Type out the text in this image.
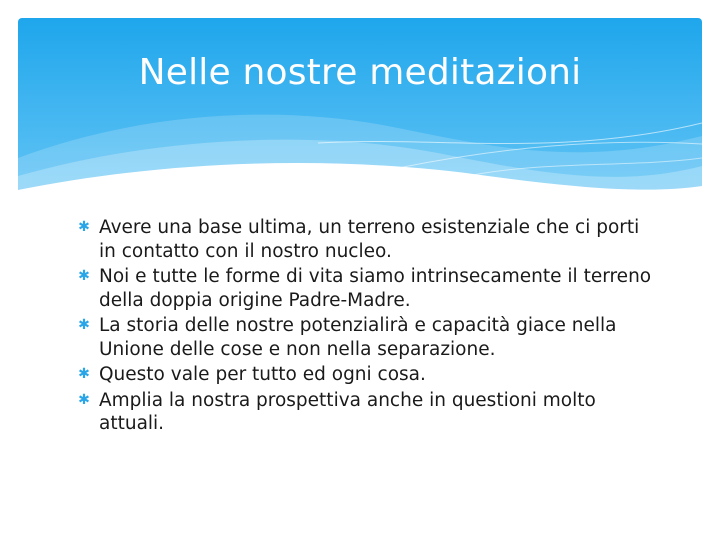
Nelle nostre meditazioni
✱ Avere una base ultima, un terreno esistenziale che ci porti in contatto con il nostro nucleo.
✱ Noi e tutte le forme di vita siamo intrinsecamente il terreno della doppia origine Padre-Madre.
✱ La storia delle nostre potenzialirà e capacità giace nella Unione delle cose e non nella separazione.
✱ Questo vale per tutto ed ogni cosa.
✱ Amplia la nostra prospettiva anche in questioni molto attuali.
